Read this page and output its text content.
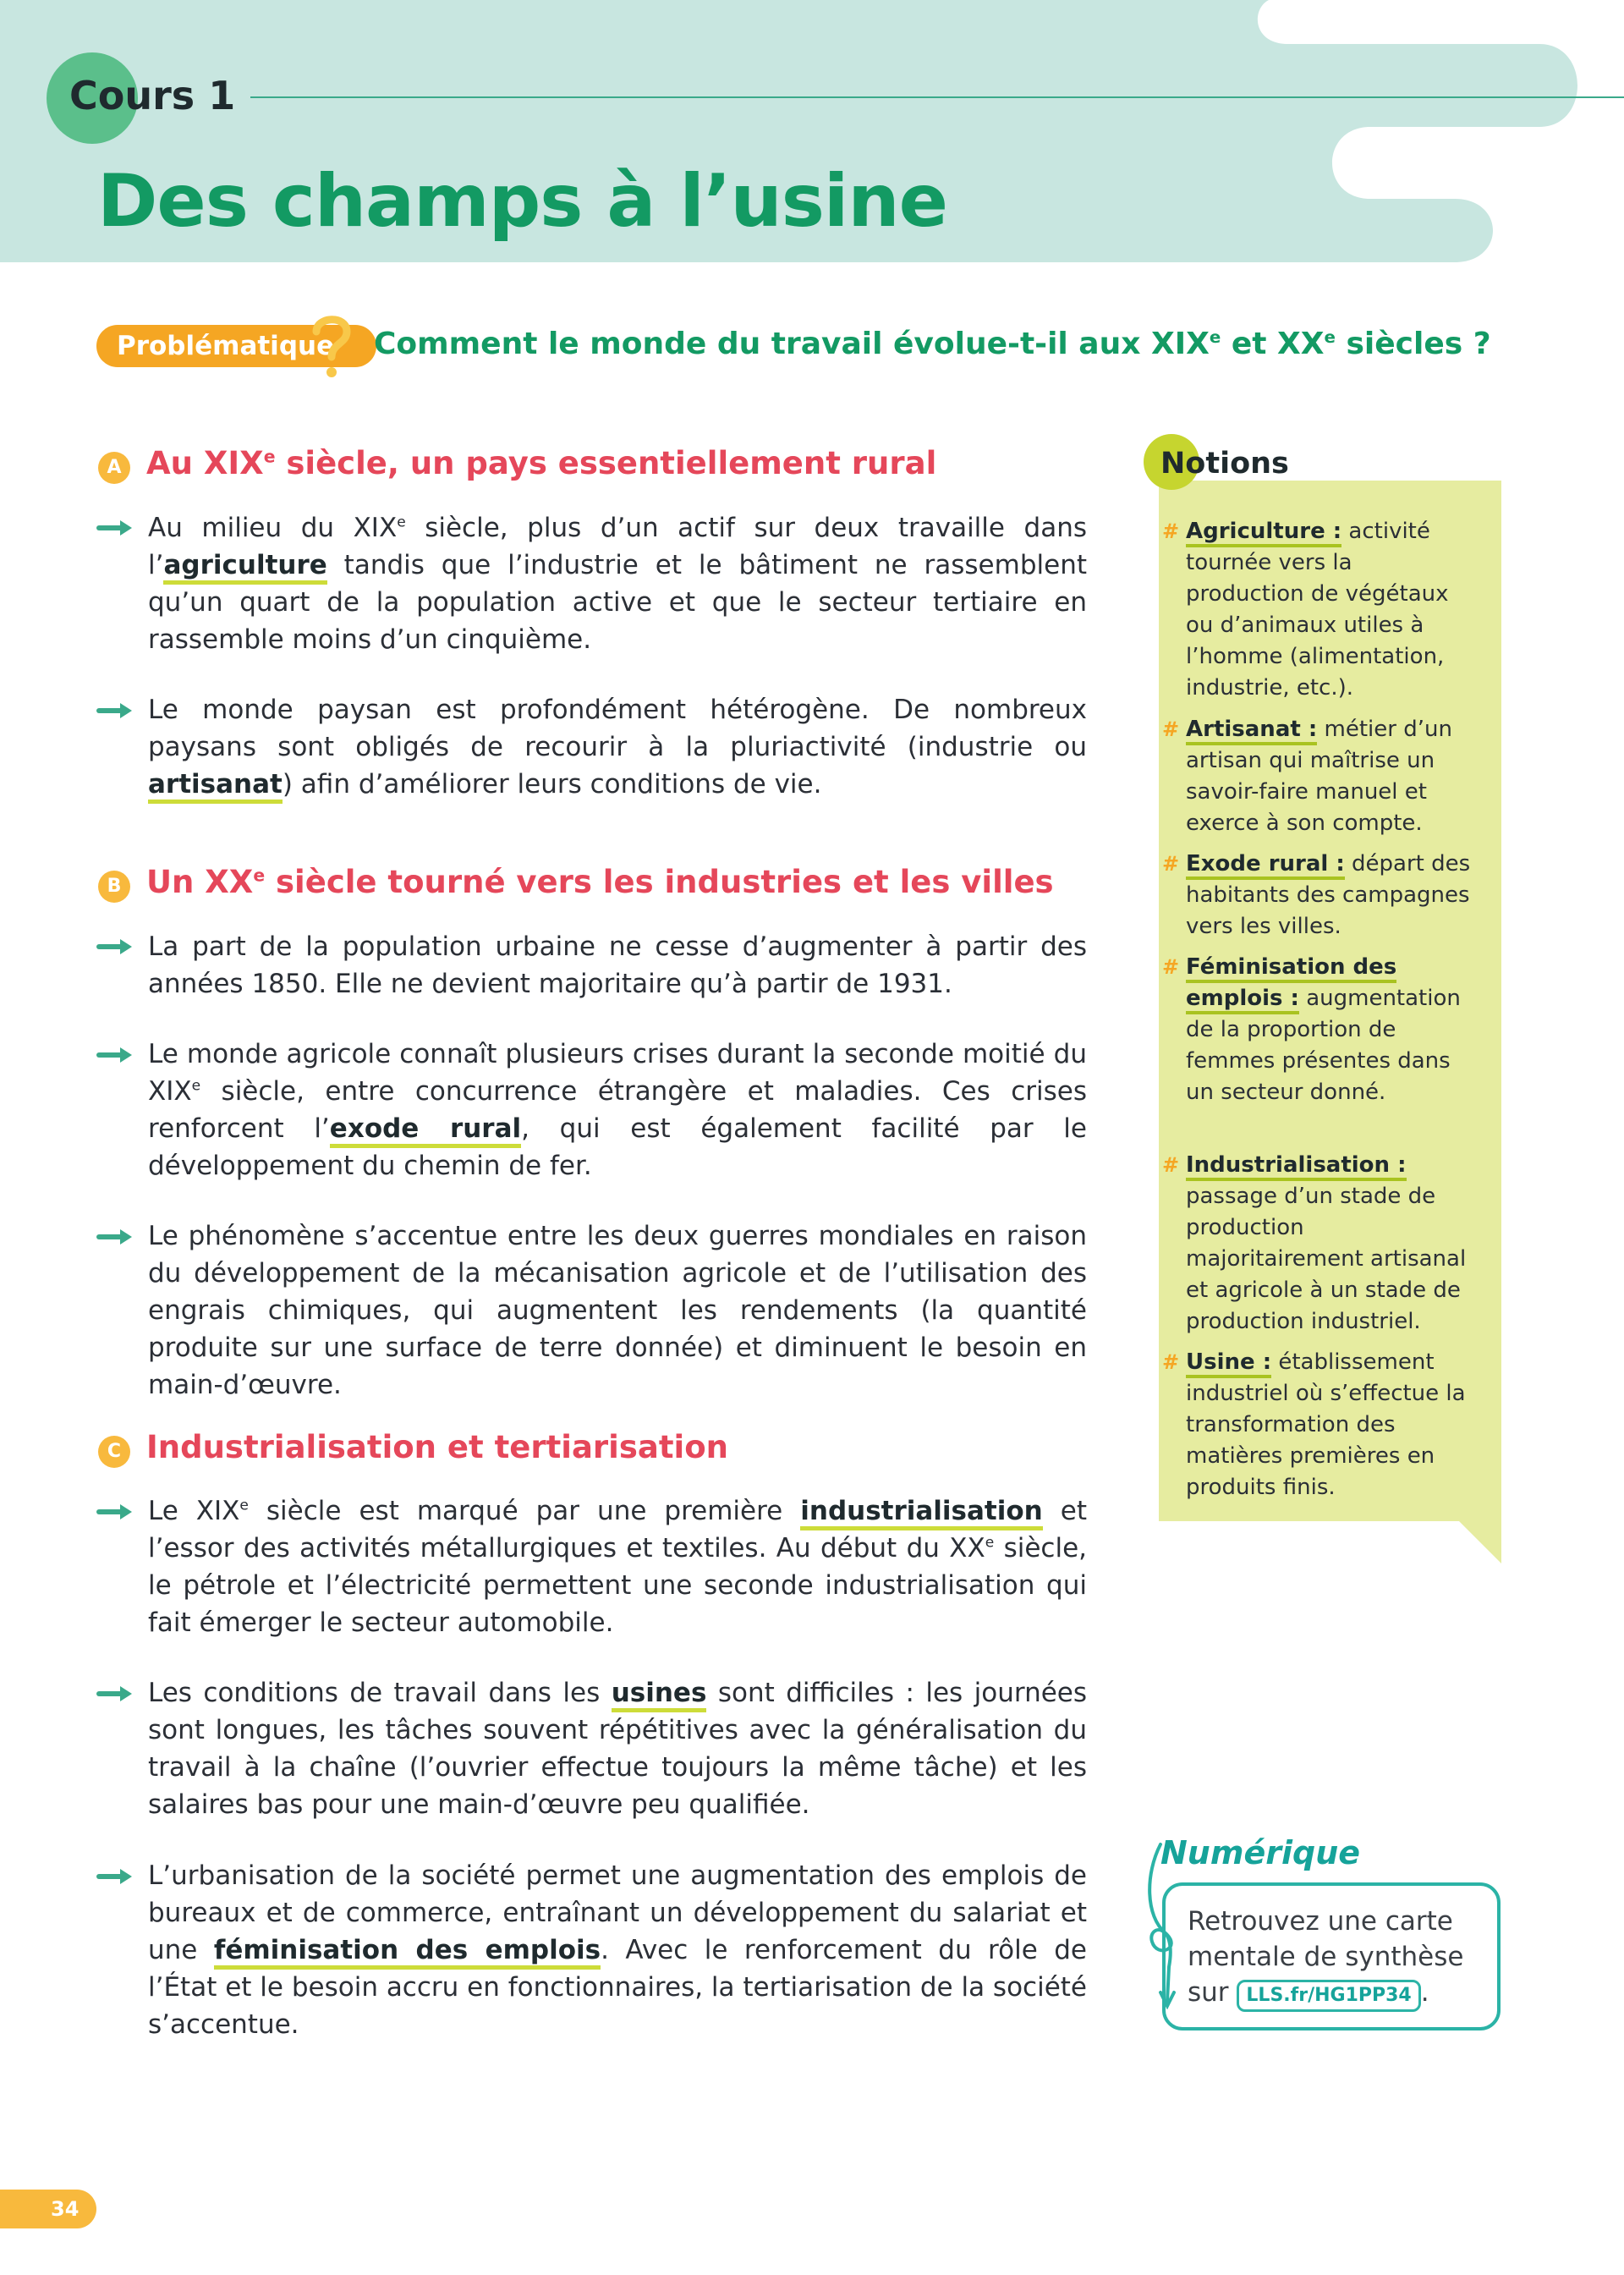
Cours 1
Des champs à l’usine
Problématique	Comment le monde du travail évolue-t-il aux XIXe et XXe siècles ?
A Au XIXe siècle, un pays essentiellement rural
Au milieu du XIXe siècle, plus d’un actif sur deux travaille dans l’agriculture tandis que l’industrie et le bâtiment ne rassemblent qu’un quart de la population active et que le secteur tertiaire en rassemble moins d’un cinquième.
Le monde paysan est profondément hétérogène. De nombreux paysans sont obligés de recourir à la pluriactivité (industrie ou artisanat) afin d’améliorer leurs conditions de vie.
B Un XXe siècle tourné vers les industries et les villes
La part de la population urbaine ne cesse d’augmenter à partir des années 1850. Elle ne devient majoritaire qu’à partir de 1931.
Le monde agricole connaît plusieurs crises durant la seconde moitié du XIXe siècle, entre concurrence étrangère et maladies. Ces crises renforcent l’exode rural, qui est également facilité par le développement du chemin de fer.
Le phénomène s’accentue entre les deux guerres mondiales en raison du développement de la mécanisation agricole et de l’utilisation des engrais chimiques, qui augmentent les rendements (la quantité produite sur une surface de terre donnée) et diminuent le besoin en main-d’œuvre.
C Industrialisation et tertiarisation
Le XIXe siècle est marqué par une première industrialisation et l’essor des activités métallurgiques et textiles. Au début du XXe siècle, le pétrole et l’électricité permettent une seconde industrialisation qui fait émerger le secteur automobile.
Les conditions de travail dans les usines sont difficiles : les journées sont longues, les tâches souvent répétitives avec la généralisation du travail à la chaîne (l’ouvrier effectue toujours la même tâche) et les salaires bas pour une main-d’œuvre peu qualifiée.
L’urbanisation de la société permet une augmentation des emplois de bureaux et de commerce, entraînant un développement du salariat et une féminisation des emplois. Avec le renforcement du rôle de l’État et le besoin accru en fonctionnaires, la tertiarisation de la société s’accentue.
Notions
# Agriculture : activité tournée vers la production de végétaux ou d’animaux utiles à l’homme (alimentation, industrie, etc.).
# Artisanat : métier d’un artisan qui maîtrise un savoir-faire manuel et exerce à son compte.
# Exode rural : départ des habitants des campagnes vers les villes.
# Féminisation des emplois : augmentation de la proportion de femmes présentes dans un secteur donné.
# Industrialisation : passage d’un stade de production majoritairement artisanal et agricole à un stade de production industriel.
# Usine : établissement industriel où s’effectue la transformation des matières premières en produits finis.
Numérique
Retrouvez une carte mentale de synthèse sur LLS.fr/HG1PP34 .
34
